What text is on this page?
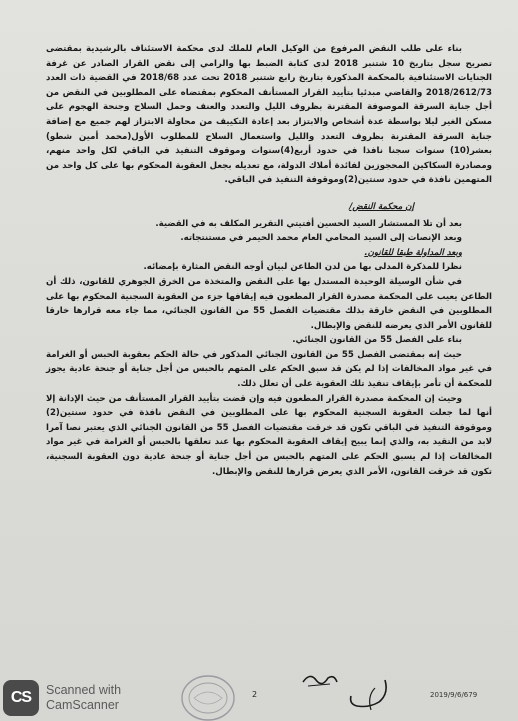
بناء على طلب النقض المرفوع من الوكيل العام للملك لدى محكمة الاستئناف بالرشيدية بمقتضى تصريح سجل بتاريخ 10 شتنبر 2018 لدى كتابة الضبط بها والرامي إلى نقض القرار الصادر عن غرفة الجنايات الاستئنافية بالمحكمة المذكورة بتاريخ رابع شتنبر 2018 تحت عدد 2018/68 في القضية ذات العدد 2018/2612/73 والقاضي مبدئيا بتأييد القرار المستأنف المحكوم بمقتضاه على المطلوبين في النقض من أجل جناية السرقة الموصوفة المقترنة بظروف الليل والتعدد والعنف وحمل السلاح وجنحة الهجوم على مسكن الغير ليلا بواسطة عدة أشخاص والابتزاز بعد إعادة التكييف من محاولة الابتزاز لهم جميع مع إضافة جناية السرقة المقترنة بظروف التعدد والليل واستعمال السلاح للمطلوب الأول(محمد أمين شطو) بعشر(10) سنوات سجنا نافذا في حدود أربع(4)سنوات وموقوف التنفيذ في الباقي لكل واحد منهم، ومصادرة السكاكين المحجوزين لفائدة أملاك الدولة، مع تعديله بجعل العقوبة المحكوم بها على كل واحد من المتهمين نافذة في حدود سنتين(2)وموقوفة التنفيذ في الباقي.

إن محكمة النقض/

بعد أن تلا المستشار السيد الحسين أفتيتي التقرير المكلف به في القضية.

وبعد الإنصات إلى السيد المحامي العام محمد الحيمر في مستنتجاته.

وبعد المداولة طبقا للقانون.

نظرا للمذكرة المدلى بها من لدن الطاعن لبيان أوجه النقض المثارة بإمضائه.

في شأن الوسيلة الوحيدة المستدل بها على النقض والمتخذة من الخرق الجوهري للقانون، ذلك أن الطاعن يعيب على المحكمة مصدرة القرار المطعون فيه إيقافها جزء من العقوبة السجنية المحكوم بها على المطلوبين في النقض خارقة بذلك مقتضيات الفصل 55 من القانون الجنائي، مما جاء معه قرارها خارقا للقانون الأمر الذي يعرضه للنقض والإبطال.

بناء على الفصل 55 من القانون الجنائي.

حيث إنه بمقتضى الفصل 55 من القانون الجنائي المذكور في حالة الحكم بعقوبة الحبس أو الغرامة في غير مواد المخالفات إذا لم يكن قد سبق الحكم على المتهم بالحبس من أجل جناية أو جنحة عادية يجوز للمحكمة أن تأمر بإيقاف تنفيذ تلك العقوبة على أن تعلل ذلك.

وحيث إن المحكمة مصدرة القرار المطعون فيه وإن قضت بتأييد القرار المستأنف من حيث الإدانة إلا أنها لما جعلت العقوبة السجنية المحكوم بها على المطلوبين في النقض نافذة في حدود سنتين(2) وموقوفة التنفيذ في الباقي تكون قد خرقت مقتضيات الفصل 55 من القانون الجنائي الذي يعتبر نصا آمرا لابد من التقيد به، والذي إنما يبيح إيقاف العقوبة المحكوم بها عند تعلقها بالحبس أو الغرامة في غير مواد المخالفات إذا لم يسبق الحكم على المتهم بالحبس من أجل جناية أو جنحة عادية دون العقوبة السجنية، تكون قد خرقت القانون، الأمر الذي يعرض قرارها للنقض والإبطال.

2	2019/9/6/679
CS	Scanned with
CamScanner
